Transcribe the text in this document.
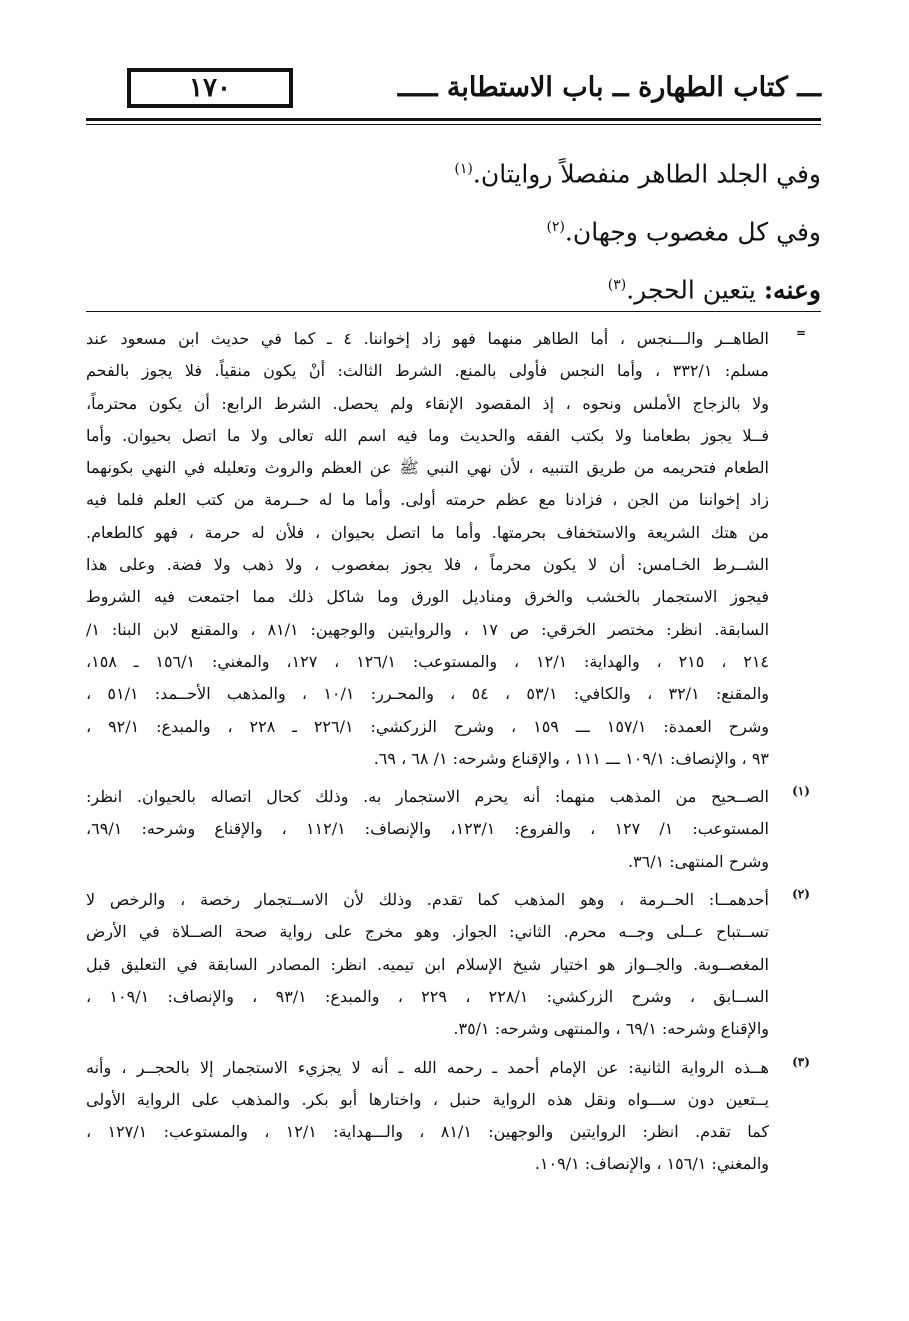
١٧٠	ـــ كتاب الطهارة ــ باب الاستطابة ـــــ
وفي الجلد الطاهر منفصلاً روايتان.$^{(١)}$
وفي كل مغصوب وجهان.$^{(٢)}$
وعنه: يتعين الحجر.$^{(٣)}$
=
الطاهــر والـــنجس ، أما الطاهر منهما فهو زاد إخواننا. ٤ ـ كما في حديث ابن مسعود عند
مسلم: ٣٣٢/١ ، وأما النجس فأولى بالمنع. الشرط الثالث: أنْ يكون منقياً. فلا يجوز بالفحم
ولا بالزجاج الأملس ونحوه ، إذ المقصود الإنقاء ولم يحصل. الشرط الرابع: أن يكون محترماً،
فــلا يجوز بطعامنا ولا بكتب الفقه والحديث وما فيه اسم الله تعالى ولا ما اتصل بحيوان. وأما
الطعام فتحريمه من طريق التنبيه ، لأن نهي النبي ﷺ عن العظم والروث وتعليله في النهي بكونهما
زاد إخواننا من الجن ، فزادنا مع عظم حرمته أولى. وأما ما له حــرمة من كتب العلم فلما فيه
من هتك الشريعة والاستخفاف بحرمتها. وأما ما اتصل بحيوان ، فلأن له حرمة ، فهو كالطعام.
الشــرط الخـامس: أن لا يكون محرماً ، فلا يجوز بمغصوب ، ولا ذهب ولا فضة. وعلى هذا
فيجوز الاستجمار بالخشب والخرق ومناديل الورق وما شاكل ذلك مما اجتمعت فيه الشروط
السابقة. انظر: مختصر الخرقي: ص ١٧ ، والروايتين والوجهين: ٨١/١ ، والمقنع لابن البنا: ١/
٢١٤ ، ٢١٥ ، والهداية: ١٢/١ ، والمستوعب: ١٢٦/١ ، ١٢٧، والمغني: ١٥٦/١ ـ ١٥٨،
والمقنع: ٣٢/١ ، والكافي: ٥٣/١ ، ٥٤ ، والمحـرر: ١٠/١ ، والمذهب الأحــمد: ٥١/١ ،
وشرح العمدة: ١٥٧/١ ـــ ١٥٩ ، وشرح الزركشي: ٢٢٦/١ ـ ٢٢٨ ، والمبدع: ٩٢/١ ،
٩٣ ، والإنصاف: ١٠٩/١ ـــ ١١١ ، والإقناع وشرحه: ١/ ٦٨ ، ٦٩.
(١)
الصــحيح من المذهب منهما: أنه يحرم الاستجمار به. وذلك كحال اتصاله بالحيوان. انظر:
المستوعب: ١/ ١٢٧ ، والفروع: ١٢٣/١، والإنصاف: ١١٢/١ ، والإقناع وشرحه: ٦٩/١،
وشرح المنتهى: ٣٦/١.
(٢)
أحدهمــا: الحــرمة ، وهو المذهب كما تقدم. وذلك لأن الاســتجمار رخصة ، والرخص لا
تســتباح عــلى وجــه محرم. الثاني: الجواز. وهو مخرج على رواية صحة الصــلاة في الأرض
المغصــوبة. والجــواز هو اختيار شيخ الإسلام ابن تيميه. انظر: المصادر السابقة في التعليق قبل
الســابق ، وشرح الزركشي: ٢٢٨/١ ، ٢٢٩ ، والمبدع: ٩٣/١ ، والإنصاف: ١٠٩/١ ،
والإقناع وشرحه: ٦٩/١ ، والمنتهى وشرحه: ٣٥/١.
(٣)
هــذه الرواية الثانية: عن الإمام أحمد ـ رحمه الله ـ أنه لا يجزيء الاستجمار إلا بالحجــر ، وأنه
يــتعين دون ســـواه ونقل هذه الرواية حنبل ، واختارها أبو بكر. والمذهب على الرواية الأولى
كما تقدم. انظر: الروايتين والوجهين: ٨١/١ ، والـــهداية: ١٢/١ ، والمستوعب: ١٢٧/١ ،
والمغني: ١٥٦/١ ، والإنصاف: ١٠٩/١.
